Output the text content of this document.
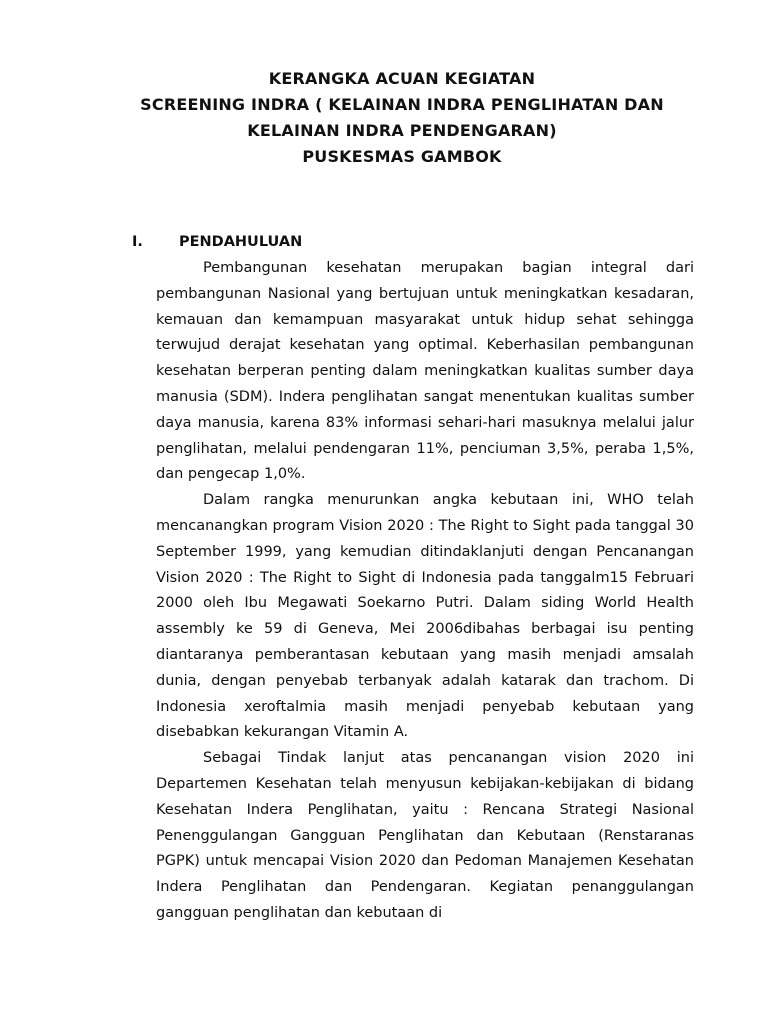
KERANGKA ACUAN KEGIATAN
SCREENING INDRA ( KELAINAN INDRA PENGLIHATAN DAN
KELAINAN INDRA PENDENGARAN)
PUSKESMAS GAMBOK
I. PENDAHULUAN

Pembangunan kesehatan merupakan bagian integral dari pembangunan Nasional yang bertujuan untuk meningkatkan kesadaran, kemauan dan kemampuan masyarakat untuk hidup sehat sehingga terwujud derajat kesehatan yang optimal. Keberhasilan pembangunan kesehatan berperan penting dalam meningkatkan kualitas sumber daya manusia (SDM). Indera penglihatan sangat menentukan kualitas sumber daya manusia, karena 83% informasi sehari-hari masuknya melalui jalur penglihatan, melalui pendengaran 11%, penciuman 3,5%, peraba 1,5%, dan pengecap 1,0%.

Dalam rangka menurunkan angka kebutaan ini, WHO telah mencanangkan program Vision 2020 : The Right to Sight pada tanggal 30 September 1999, yang kemudian ditindaklanjuti dengan Pencanangan Vision 2020 : The Right to Sight di Indonesia pada tanggalm15 Februari 2000 oleh Ibu Megawati Soekarno Putri. Dalam siding World Health assembly ke 59 di Geneva, Mei 2006dibahas berbagai isu penting diantaranya pemberantasan kebutaan yang masih menjadi amsalah dunia, dengan penyebab terbanyak adalah katarak dan trachom. Di Indonesia xeroftalmia masih menjadi penyebab kebutaan yang disebabkan kekurangan Vitamin A.

Sebagai Tindak lanjut atas pencanangan vision 2020 ini Departemen Kesehatan telah menyusun kebijakan-kebijakan di bidang Kesehatan Indera Penglihatan, yaitu : Rencana Strategi Nasional Penenggulangan Gangguan Penglihatan dan Kebutaan (Renstaranas PGPK) untuk mencapai Vision 2020 dan Pedoman Manajemen Kesehatan Indera Penglihatan dan Pendengaran. Kegiatan penanggulangan gangguan penglihatan dan kebutaan di
